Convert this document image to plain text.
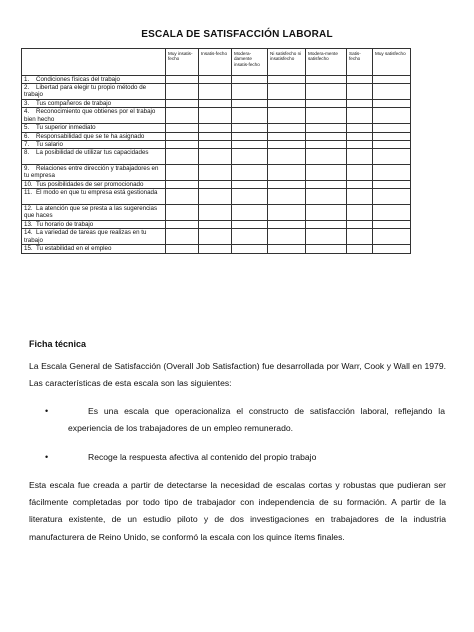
ESCALA DE SATISFACCIÓN LABORAL
	Muy insatis-fecho	Insatis-fecho	Modera-damente insatis-fecho	Ni satisfecho ni insatisfecho	Modera-mente satisfecho	Satis-fecho	Muy satisfecho
1. Condiciones físicas del trabajo							
2. Libertad para elegir tu propio método de trabajo							
3. Tus compañeros de trabajo							
4. Reconocimiento que obtienes por el trabajo bien hecho							
5. Tu superior inmediato							
6. Responsabilidad que se te ha asignado							
7. Tu salario							
8. La posibilidad de utilizar tus capacidades							
9. Relaciones entre dirección y trabajadores en tu empresa							
10. Tus posibilidades de ser promocionado							
11. El modo en que tu empresa está gestionada							
12. La atención que se presta a las sugerencias que haces							
13. Tu horario de trabajo							
14. La variedad de tareas que realizas en tu trabajo							
15. Tu estabilidad en el empleo							
Ficha técnica
La Escala General de Satisfacción (Overall Job Satisfaction) fue desarrollada por Warr, Cook y Wall en 1979. Las características de esta escala son las siguientes:
•	Es una escala que operacionaliza el constructo de satisfacción laboral, reflejando la experiencia de los trabajadores de un empleo remunerado.
•	Recoge la respuesta afectiva al contenido del propio trabajo
Esta escala fue creada a partir de detectarse la necesidad de escalas cortas y robustas que pudieran ser fácilmente completadas por todo tipo de trabajador con independencia de su formación. A partir de la literatura existente, de un estudio piloto y de dos investigaciones en trabajadores de la industria manufacturera de Reino Unido, se conformó la escala con los quince ítems finales.
